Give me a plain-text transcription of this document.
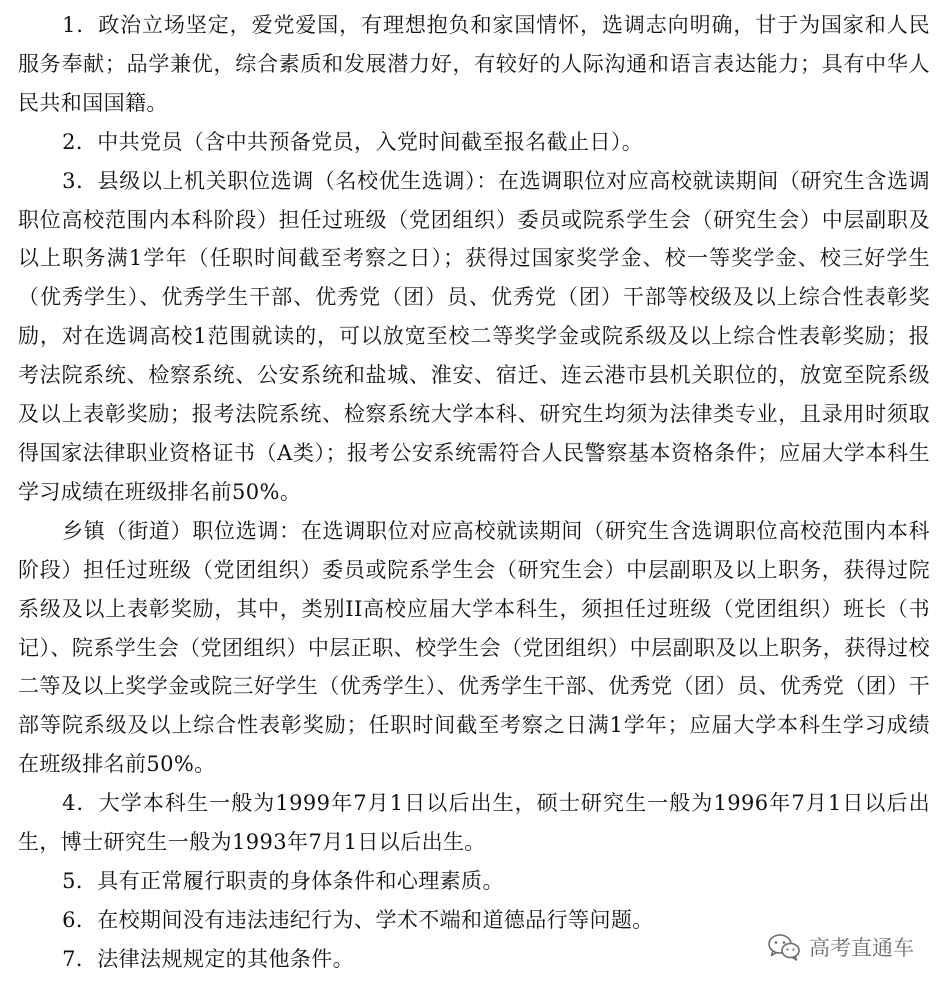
1．政治立场坚定，爱党爱国，有理想抱负和家国情怀，选调志向明确，甘于为国家和人民服务奉献；品学兼优，综合素质和发展潜力好，有较好的人际沟通和语言表达能力；具有中华人民共和国国籍。

2．中共党员（含中共预备党员，入党时间截至报名截止日）。

3．县级以上机关职位选调（名校优生选调）：在选调职位对应高校就读期间（研究生含选调职位高校范围内本科阶段）担任过班级（党团组织）委员或院系学生会（研究生会）中层副职及以上职务满1学年（任职时间截至考察之日）；获得过国家奖学金、校一等奖学金、校三好学生（优秀学生）、优秀学生干部、优秀党（团）员、优秀党（团）干部等校级及以上综合性表彰奖励，对在选调高校1范围就读的，可以放宽至校二等奖学金或院系级及以上综合性表彰奖励；报考法院系统、检察系统、公安系统和盐城、淮安、宿迁、连云港市县机关职位的，放宽至院系级及以上表彰奖励；报考法院系统、检察系统大学本科、研究生均须为法律类专业，且录用时须取得国家法律职业资格证书（A类）；报考公安系统需符合人民警察基本资格条件；应届大学本科生学习成绩在班级排名前50%。

乡镇（街道）职位选调：在选调职位对应高校就读期间（研究生含选调职位高校范围内本科阶段）担任过班级（党团组织）委员或院系学生会（研究生会）中层副职及以上职务，获得过院系级及以上表彰奖励，其中，类别II高校应届大学本科生，须担任过班级（党团组织）班长（书记）、院系学生会（党团组织）中层正职、校学生会（党团组织）中层副职及以上职务，获得过校二等及以上奖学金或院三好学生（优秀学生）、优秀学生干部、优秀党（团）员、优秀党（团）干部等院系级及以上综合性表彰奖励；任职时间截至考察之日满1学年；应届大学本科生学习成绩在班级排名前50%。

4．大学本科生一般为1999年7月1日以后出生，硕士研究生一般为1996年7月1日以后出生，博士研究生一般为1993年7月1日以后出生。

5．具有正常履行职责的身体条件和心理素质。

6．在校期间没有违法违纪行为、学术不端和道德品行等问题。

7．法律法规规定的其他条件。	高考直通车
